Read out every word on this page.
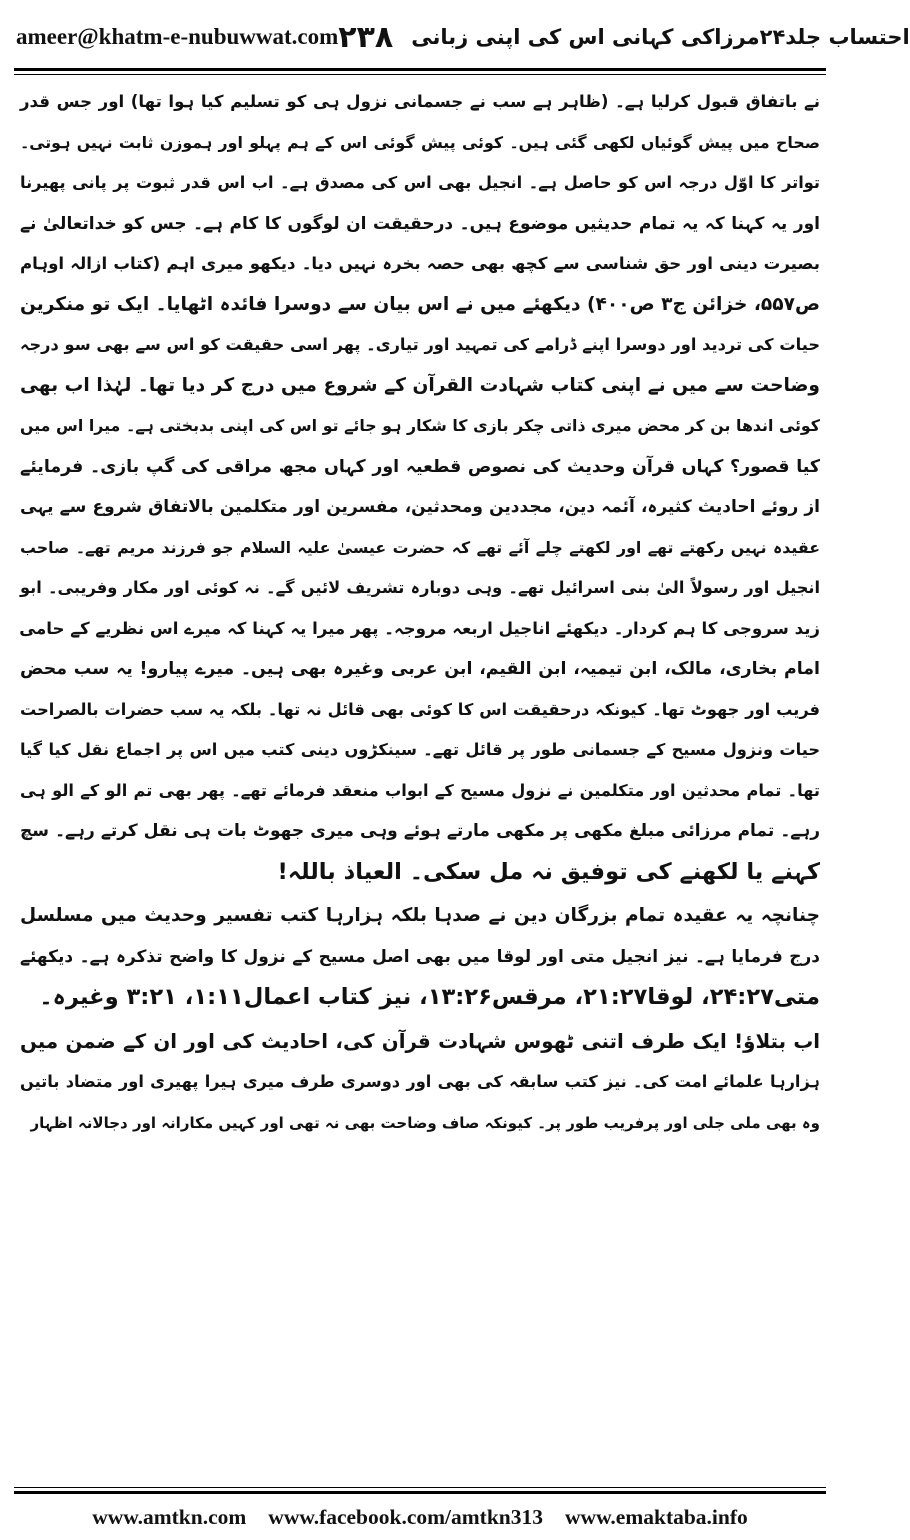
ameer@khatm-e-nubuwwat.com	احتساب جلد۲۴مرزاکی کہانی اس کی اپنی زبانی
۲۳۸
نے باتفاق قبول کرلیا ہے۔ (ظاہر ہے سب نے جسمانی نزول ہی کو تسلیم کیا ہوا تھا) اور جس قدر
صحاح میں پیش گوئیاں لکھی گئی ہیں۔ کوئی پیش گوئی اس کے ہم پہلو اور ہموزن ثابت نہیں ہوتی۔
تواتر کا اوّل درجہ اس کو حاصل ہے۔ انجیل بھی اس کی مصدق ہے۔ اب اس قدر ثبوت پر پانی پھیرنا
اور یہ کہنا کہ یہ تمام حدیثیں موضوع ہیں۔ درحقیقت ان لوگوں کا کام ہے۔ جس کو خداتعالیٰ نے
بصیرت دینی اور حق شناسی سے کچھ بھی حصہ بخرہ نہیں دیا۔ دیکھو میری اہم (کتاب ازالہ اوہام
ص۵۵۷، خزائن ج۳ ص۴۰۰) دیکھئے میں نے اس بیان سے دوسرا فائدہ اٹھایا۔ ایک تو منکرین
حیات کی تردید اور دوسرا اپنے ڈرامے کی تمہید اور تیاری۔ پھر اسی حقیقت کو اس سے بھی سو درجہ
وضاحت سے میں نے اپنی کتاب شہادت القرآن کے شروع میں درج کر دیا تھا۔ لہٰذا اب بھی
کوئی اندھا بن کر محض میری ذاتی چکر بازی کا شکار ہو جائے تو اس کی اپنی بدبختی ہے۔ میرا اس میں
کیا قصور؟ کہاں قرآن وحدیث کی نصوص قطعیہ اور کہاں مجھ مراقی کی گپ بازی۔ فرمایئے
از روئے احادیث کثیرہ، آئمہ دین، مجددین ومحدثین، مفسرین اور متکلمین بالاتفاق شروع سے یہی
عقیدہ نہیں رکھتے تھے اور لکھتے چلے آئے تھے کہ حضرت عیسیٰ علیہ السلام جو فرزند مریم تھے۔ صاحب
انجیل اور رسولاً الیٰ بنی اسرائیل تھے۔ وہی دوبارہ تشریف لائیں گے۔ نہ کوئی اور مکار وفریبی۔ ابو
زید سروجی کا ہم کردار۔ دیکھئے اناجیل اربعہ مروجہ۔ پھر میرا یہ کہنا کہ میرے اس نظریے کے حامی
امام بخاری، مالک، ابن تیمیہ، ابن القیم، ابن عربی وغیرہ بھی ہیں۔ میرے پیارو! یہ سب محض
فریب اور جھوٹ تھا۔ کیونکہ درحقیقت اس کا کوئی بھی قائل نہ تھا۔ بلکہ یہ سب حضرات بالصراحت
حیات ونزول مسیح کے جسمانی طور پر قائل تھے۔ سینکڑوں دینی کتب میں اس پر اجماع نقل کیا گیا
تھا۔ تمام محدثین اور متکلمین نے نزول مسیح کے ابواب منعقد فرمائے تھے۔ پھر بھی تم الو کے الو ہی
رہے۔ تمام مرزائی مبلغ مکھی پر مکھی مارتے ہوئے وہی میری جھوٹ بات ہی نقل کرتے رہے۔ سچ
کہنے یا لکھنے کی توفیق نہ مل سکی۔ العیاذ باللہ!
چنانچہ یہ عقیدہ تمام بزرگان دین نے صدہا بلکہ ہزارہا کتب تفسیر وحدیث میں مسلسل
درج فرمایا ہے۔ نیز انجیل متی اور لوقا میں بھی اصل مسیح کے نزول کا واضح تذکرہ ہے۔ دیکھئے
متی۲۴:۲۷، لوقا۲۱:۲۷، مرقس۱۳:۲۶، نیز کتاب اعمال۱:۱۱، ۳:۲۱ وغیرہ۔
اب بتلاؤ! ایک طرف اتنی ٹھوس شہادت قرآن کی، احادیث کی اور ان کے ضمن میں
ہزارہا علمائے امت کی۔ نیز کتب سابقہ کی بھی اور دوسری طرف میری ہیرا پھیری اور متضاد باتیں
وہ بھی ملی جلی اور پرفریب طور پر۔ کیونکہ صاف وضاحت بھی نہ تھی اور کہیں مکارانہ اور دجالانہ اظہار
www.amtkn.com www.facebook.com/amtkn313 www.emaktaba.info
